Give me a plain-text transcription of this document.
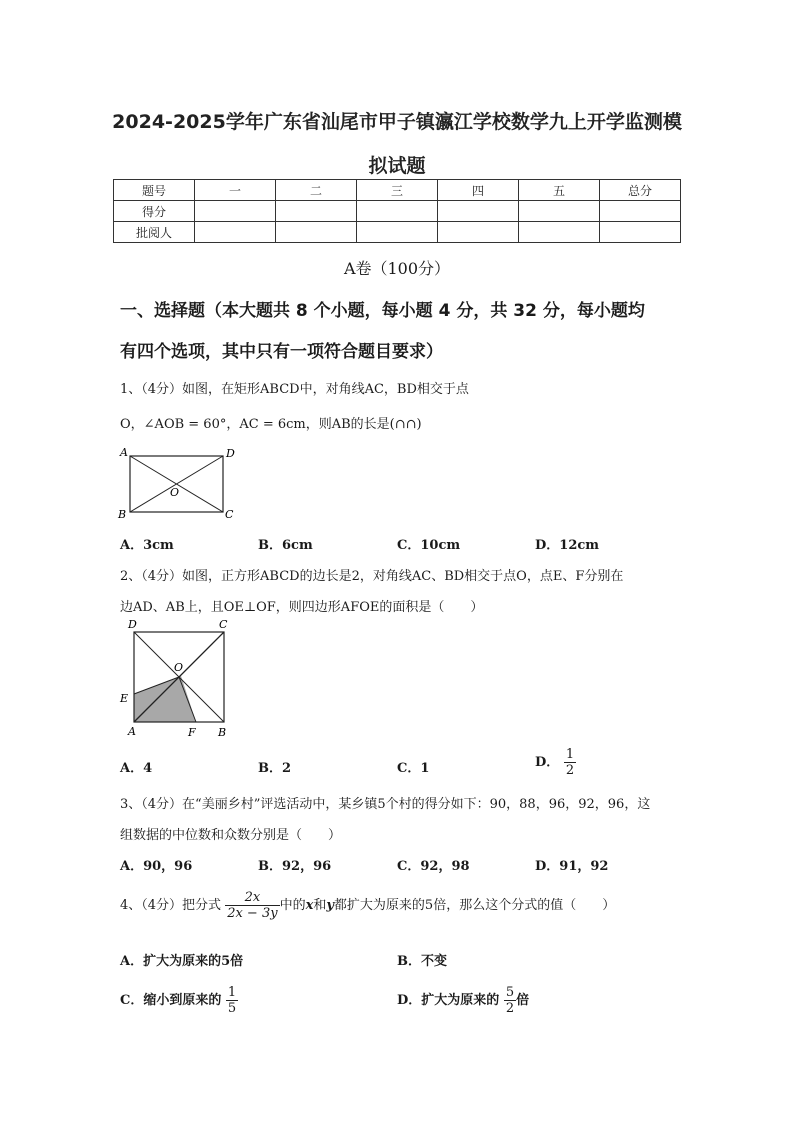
2024-2025学年广东省汕尾市甲子镇瀛江学校数学九上开学监测模
拟试题
题号	一	二	三	四	五	总分
得分						
批阅人						
A卷（100分）
一、选择题（本大题共 8 个小题，每小题 4 分，共 32 分，每小题均
有四个选项，其中只有一项符合题目要求）
1、（4分）如图，在矩形ABCD中，对角线AC，BD相交于点
O，∠AOB = 60°，AC = 6cm，则AB的长是(∩∩)
A	D
O
B	C
A．3cm	B．6cm	C．10cm	D．12cm
2、（4分）如图，正方形ABCD的边长是2，对角线AC、BD相交于点O，点E、F分别在
边AD、AB上，且OE⊥OF，则四边形AFOE的面积是（　　）
D	C
O
E
A	F B
A．4	B．2	C．1	D． $\frac{1}{2}$
3、（4分）在“美丽乡村”评选活动中，某乡镇5个村的得分如下：90，88，96，92，96，这
组数据的中位数和众数分别是（　　）
A．90，96	B．92，96	C．92，98	D．91，92
4、（4分）把分式 $\frac{2x}{2x - 3y}$ 中的x和y都扩大为原来的5倍，那么这个分式的值（　　）
A．扩大为原来的5倍	B．不变
C．缩小到原来的 $\frac{1}{5}$	D．扩大为原来的 $\frac{5}{2}$ 倍
